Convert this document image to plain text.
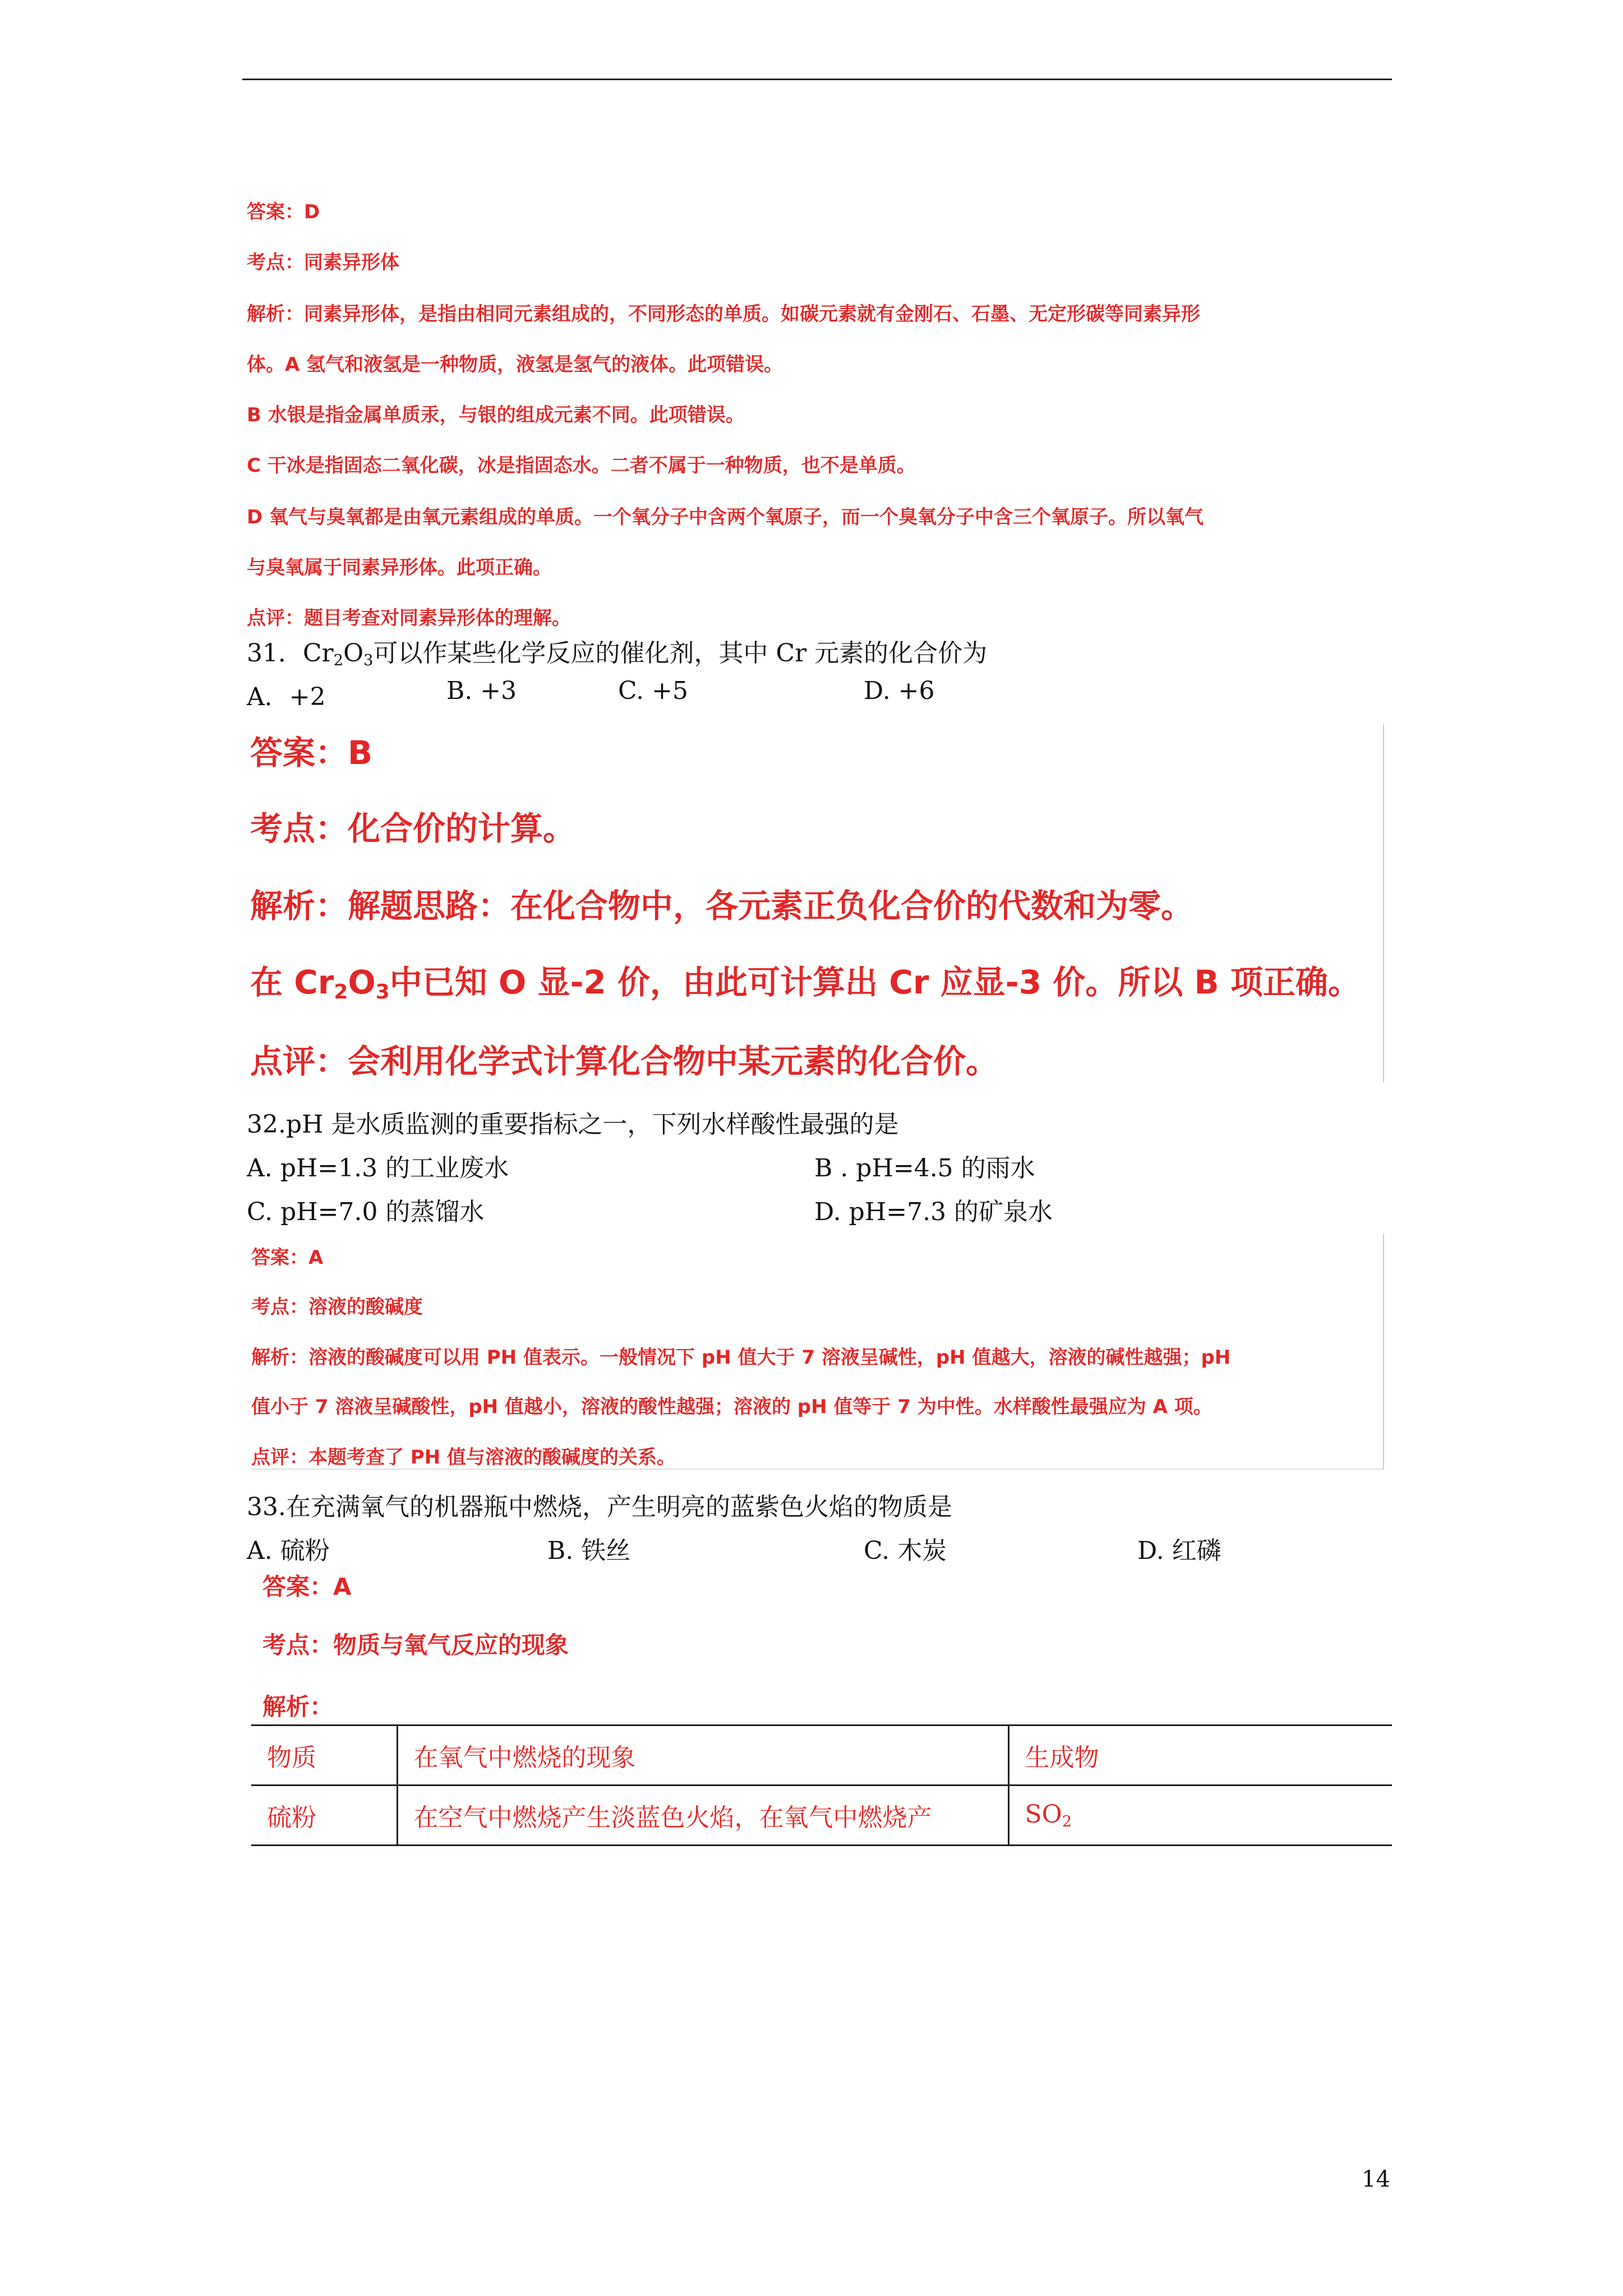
答案：D
考点：同素异形体
解析：同素异形体，是指由相同元素组成的，不同形态的单质。如碳元素就有金刚石、石墨、无定形碳等同素异形
体。A 氢气和液氢是一种物质，液氢是氢气的液体。此项错误。
B 水银是指金属单质汞，与银的组成元素不同。此项错误。
C 干冰是指固态二氧化碳，冰是指固态水。二者不属于一种物质，也不是单质。
D 氧气与臭氧都是由氧元素组成的单质。一个氧分子中含两个氧原子，而一个臭氧分子中含三个氧原子。所以氧气
与臭氧属于同素异形体。此项正确。
点评：题目考查对同素异形体的理解。
31．$Cr_2O_3$可以作某些化学反应的催化剂，其中 Cr 元素的化合价为
A．+2	B. +3	C. +5	D. +6
答案：B
考点：化合价的计算。
解析：解题思路：在化合物中，各元素正负化合价的代数和为零。
在 $Cr_2O_3$中已知 O 显-2 价，由此可计算出 Cr 应显-3 价。所以 B 项正确。
点评：会利用化学式计算化合物中某元素的化合价。
32.pH 是水质监测的重要指标之一，下列水样酸性最强的是
A. pH=1.3 的工业废水	B . pH=4.5 的雨水
C. pH=7.0 的蒸馏水	D. pH=7.3 的矿泉水
答案：A
考点：溶液的酸碱度
解析：溶液的酸碱度可以用 PH 值表示。一般情况下 pH 值大于 7 溶液呈碱性，pH 值越大，溶液的碱性越强；pH
值小于 7 溶液呈碱酸性，pH 值越小，溶液的酸性越强；溶液的 pH 值等于 7 为中性。水样酸性最强应为 A 项。
点评：本题考查了 PH 值与溶液的酸碱度的关系。
33.在充满氧气的机器瓶中燃烧，产生明亮的蓝紫色火焰的物质是
A. 硫粉	B. 铁丝	C. 木炭	D. 红磷
答案：A
考点：物质与氧气反应的现象
解析：
物质	在氧气中燃烧的现象	生成物
硫粉	在空气中燃烧产生淡蓝色火焰，在氧气中燃烧产	$SO_2$
14
